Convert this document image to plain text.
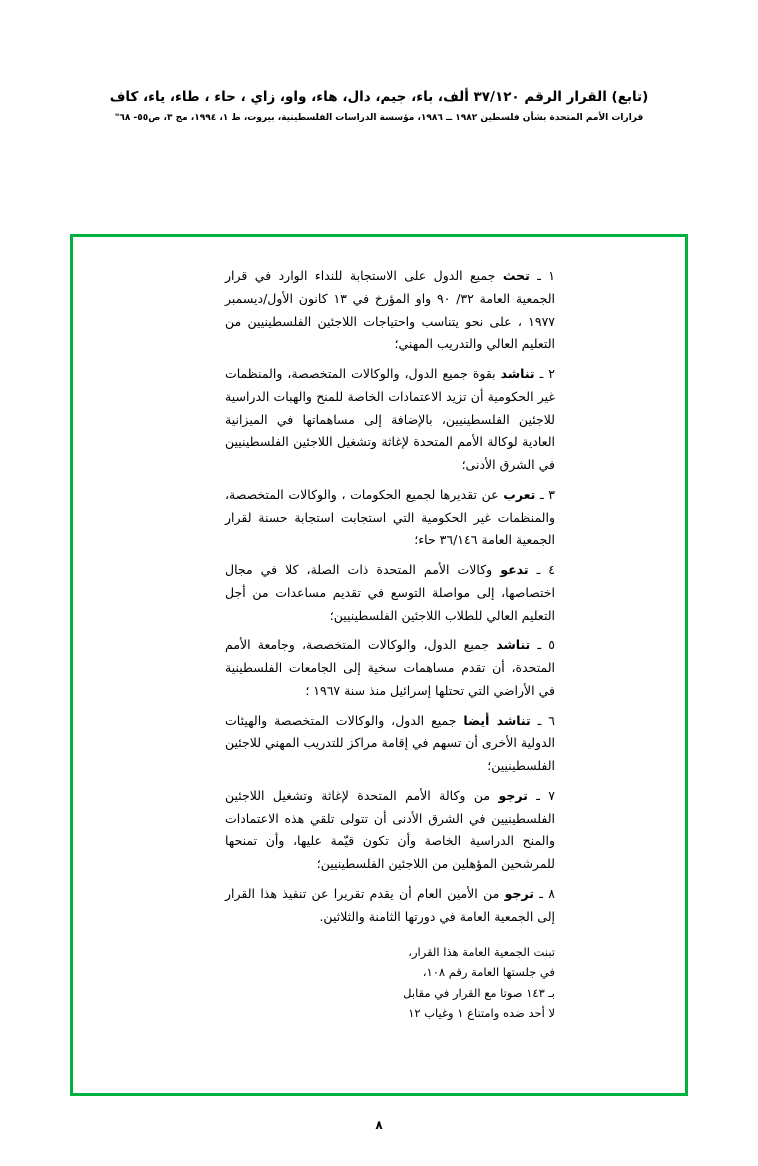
(تابع) القرار الرقم ٣٧/١٢٠ ألف، باء، جيم، دال، هاء، واو، زاي ، حاء ، طاء، ياء، كاف
قرارات الأمم المتحدة بشأن فلسطين ١٩٨٢ ــ ١٩٨٦، مؤسسة الدراسات الفلسطينية، بيروت، ط ١، ١٩٩٤، مج ٣، ص٥٥- ٦٨"

١ ـ تحث جميع الدول على الاستجابة للنداء الوارد في قرار الجمعية العامة ٣٢/ ٩٠ واو المؤرخ في ١٣ كانون الأول/ديسمبر ١٩٧٧ ، على نحو يتناسب واحتياجات اللاجئين الفلسطينيين من التعليم العالي والتدريب المهني؛

٢ ـ تناشد بقوة جميع الدول، والوكالات المتخصصة، والمنظمات غير الحكومية أن تزيد الاعتمادات الخاصة للمنح والهبات الدراسية للاجئين الفلسطينيين، بالإضافة إلى مساهماتها في الميزانية العادية لوكالة الأمم المتحدة لإغاثة وتشغيل اللاجئين الفلسطينيين في الشرق الأدنى؛

٣ ـ تعرب عن تقديرها لجميع الحكومات ، والوكالات المتخصصة، والمنظمات غير الحكومية التي استجابت استجابة حسنة لقرار الجمعية العامة ٣٦/١٤٦ حاء؛

٤ ـ تدعو وكالات الأمم المتحدة ذات الصلة، كلا في مجال اختصاصها، إلى مواصلة التوسع في تقديم مساعدات من أجل التعليم العالي للطلاب اللاجئين الفلسطينيين؛

٥ ـ تناشد جميع الدول، والوكالات المتخصصة، وجامعة الأمم المتحدة، أن تقدم مساهمات سخية إلى الجامعات الفلسطينية في الأراضي التي تحتلها إسرائيل منذ سنة ١٩٦٧ ؛

٦ ـ تناشد أيضا جميع الدول، والوكالات المتخصصة والهيئات الدولية الأخرى أن تسهم في إقامة مراكز للتدريب المهني للاجئين الفلسطينيين؛

٧ ـ ترجو من وكالة الأمم المتحدة لإغاثة وتشغيل اللاجئين الفلسطينيين في الشرق الأدنى أن تتولى تلقي هذه الاعتمادات والمنح الدراسية الخاصة وأن تكون قيّمة عليها، وأن تمنحها للمرشحين المؤهلين من اللاجئين الفلسطينيين؛

٨ ـ ترجو من الأمين العام أن يقدم تقريرا عن تنفيذ هذا القرار إلى الجمعية العامة في دورتها الثامنة والثلاثين.

تبنت الجمعية العامة هذا القرار،

في جلستها العامة رقم ١٠٨،

بـ ١٤٣ صوتا مع القرار في مقابل

لا أحد ضده وامتناع ١ وغياب ١٢

٨
